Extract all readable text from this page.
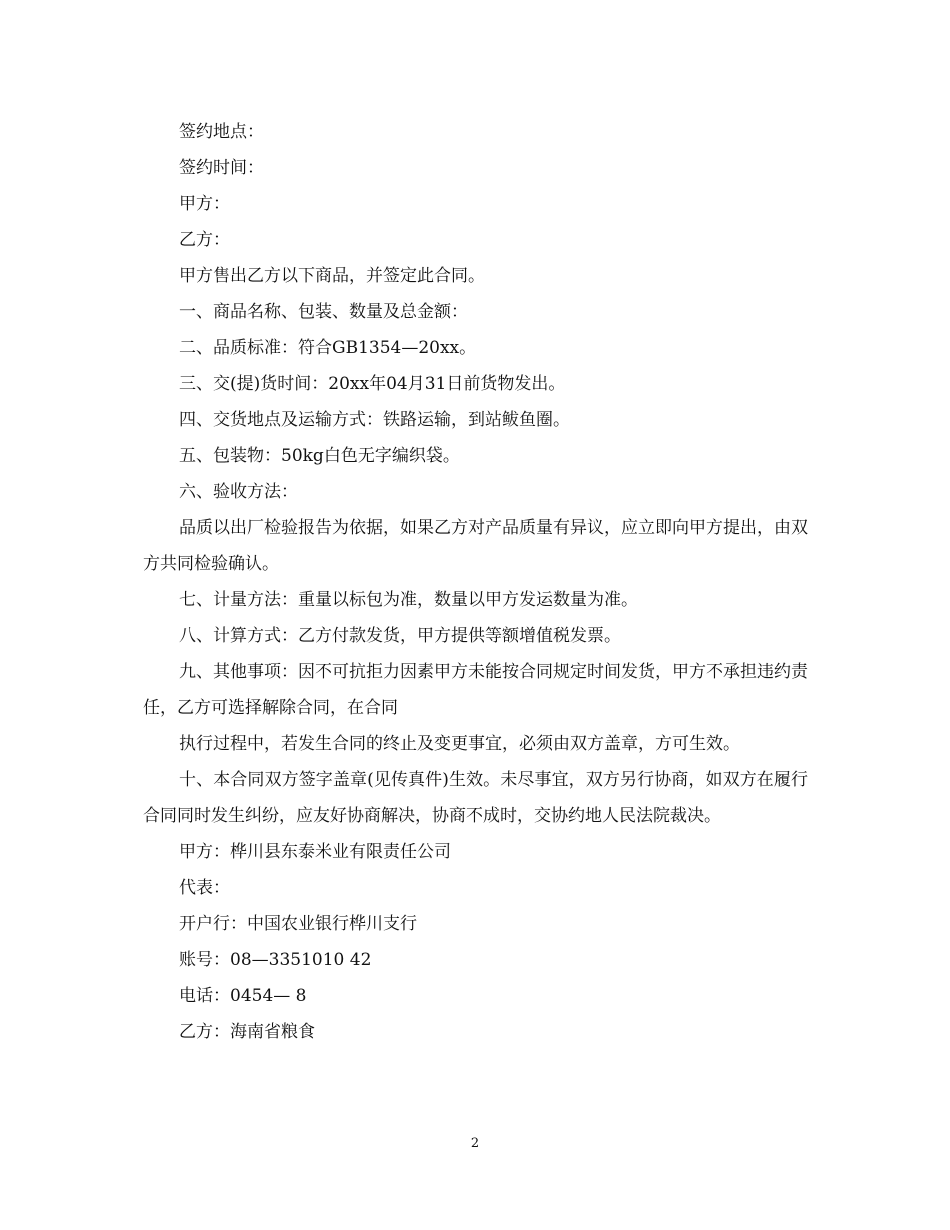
签约地点：

签约时间：

甲方：

乙方：

甲方售出乙方以下商品，并签定此合同。

一、商品名称、包装、数量及总金额：

二、品质标准：符合GB1354—20xx。

三、交(提)货时间：20xx年04月31日前货物发出。

四、交货地点及运输方式：铁路运输，到站鲅鱼圈。

五、包装物：50kg白色无字编织袋。

六、验收方法：

品质以出厂检验报告为依据，如果乙方对产品质量有异议，应立即向甲方提出，由双方共同检验确认。

七、计量方法：重量以标包为准，数量以甲方发运数量为准。

八、计算方式：乙方付款发货，甲方提供等额增值税发票。

九、其他事项：因不可抗拒力因素甲方未能按合同规定时间发货，甲方不承担违约责任，乙方可选择解除合同，在合同

执行过程中，若发生合同的终止及变更事宜，必须由双方盖章，方可生效。

十、本合同双方签字盖章(见传真件)生效。未尽事宜，双方另行协商，如双方在履行合同同时发生纠纷，应友好协商解决，协商不成时，交协约地人民法院裁决。

甲方：桦川县东泰米业有限责任公司

代表：

开户行：中国农业银行桦川支行

账号：08—3351010 42

电话：0454— 8

乙方：海南省粮食

2
